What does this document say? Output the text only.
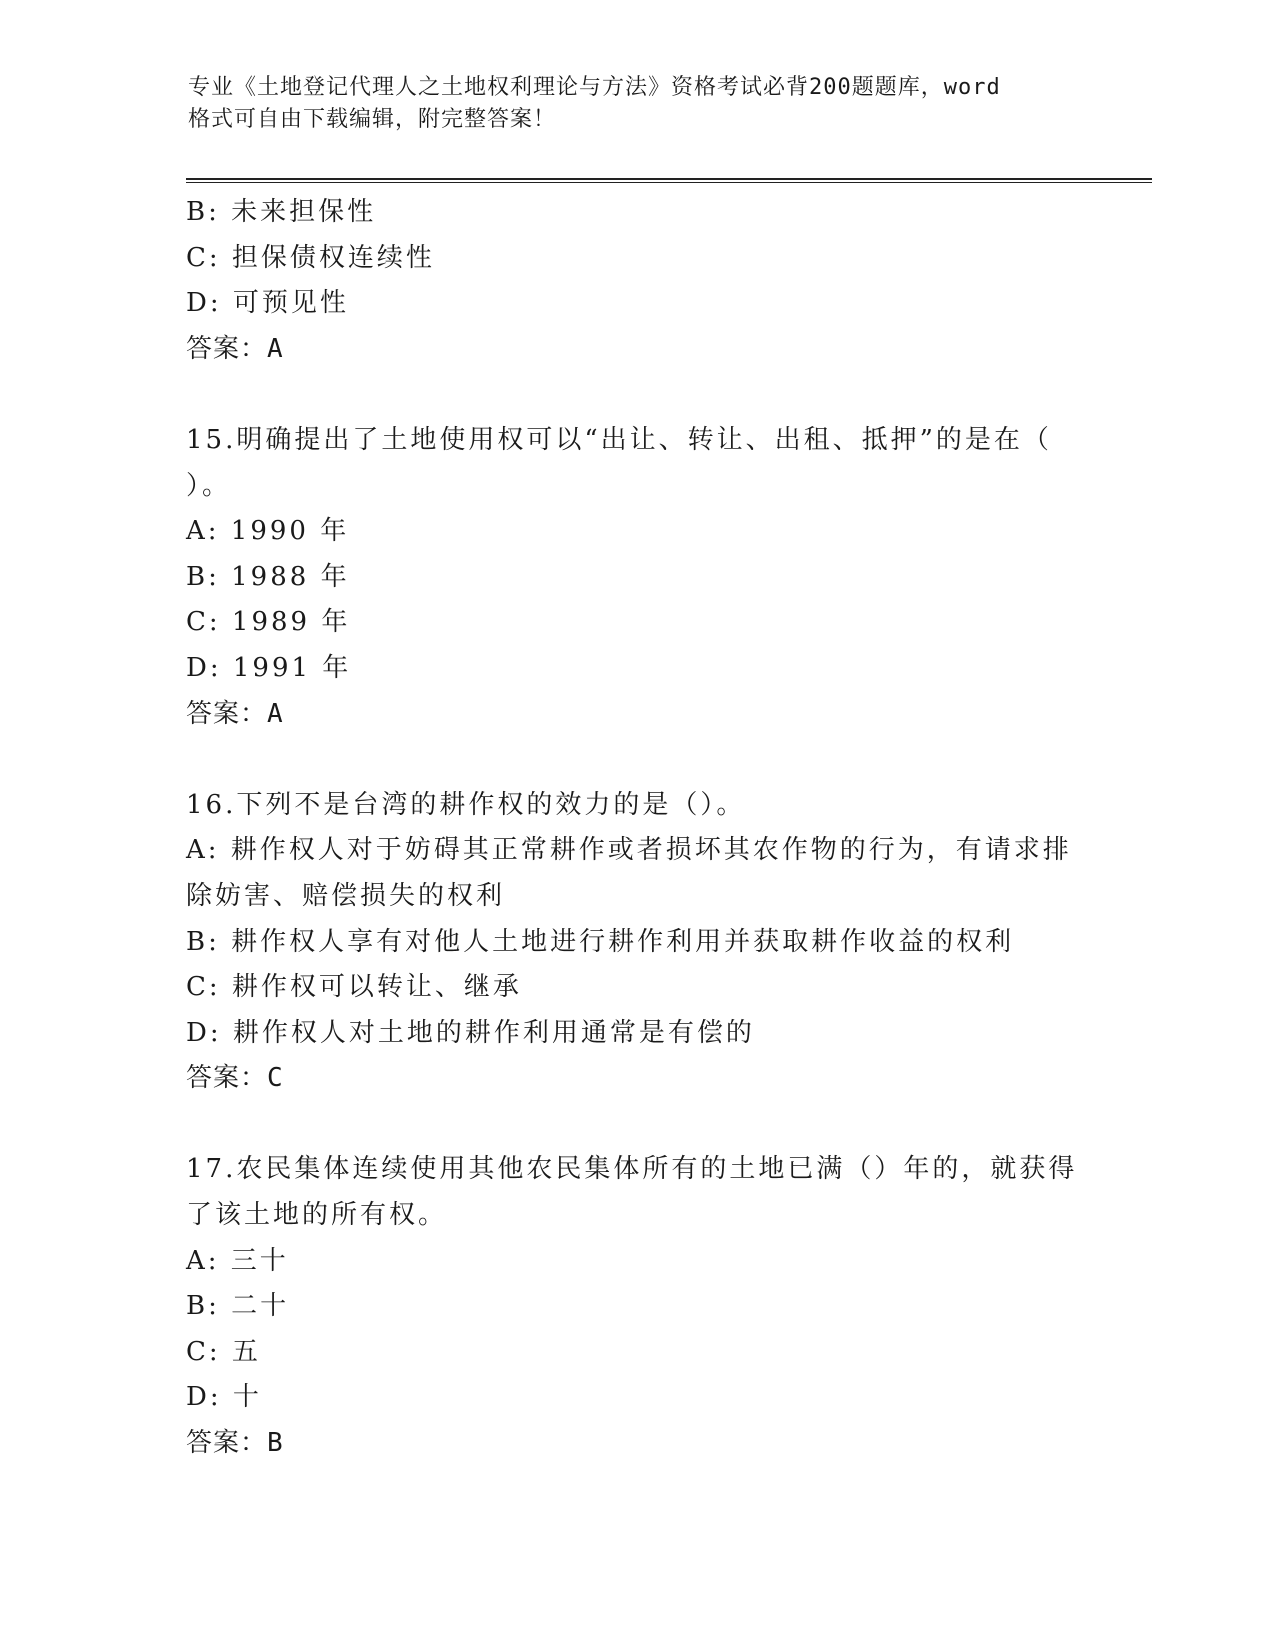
专业《土地登记代理人之土地权利理论与方法》资格考试必背200题题库，word
格式可自由下载编辑，附完整答案！
B: 未来担保性
C: 担保债权连续性
D: 可预见性
答案：A
15.明确提出了土地使用权可以“出让、转让、出租、抵押”的是在（
）。
A: 1990 年
B: 1988 年
C: 1989 年
D: 1991 年
答案：A
16.下列不是台湾的耕作权的效力的是（）。
A: 耕作权人对于妨碍其正常耕作或者损坏其农作物的行为，有请求排
除妨害、赔偿损失的权利
B: 耕作权人享有对他人土地进行耕作利用并获取耕作收益的权利
C: 耕作权可以转让、继承
D: 耕作权人对土地的耕作利用通常是有偿的
答案：C
17.农民集体连续使用其他农民集体所有的土地已满（）年的，就获得
了该土地的所有权。
A: 三十
B: 二十
C: 五
D: 十
答案：B
